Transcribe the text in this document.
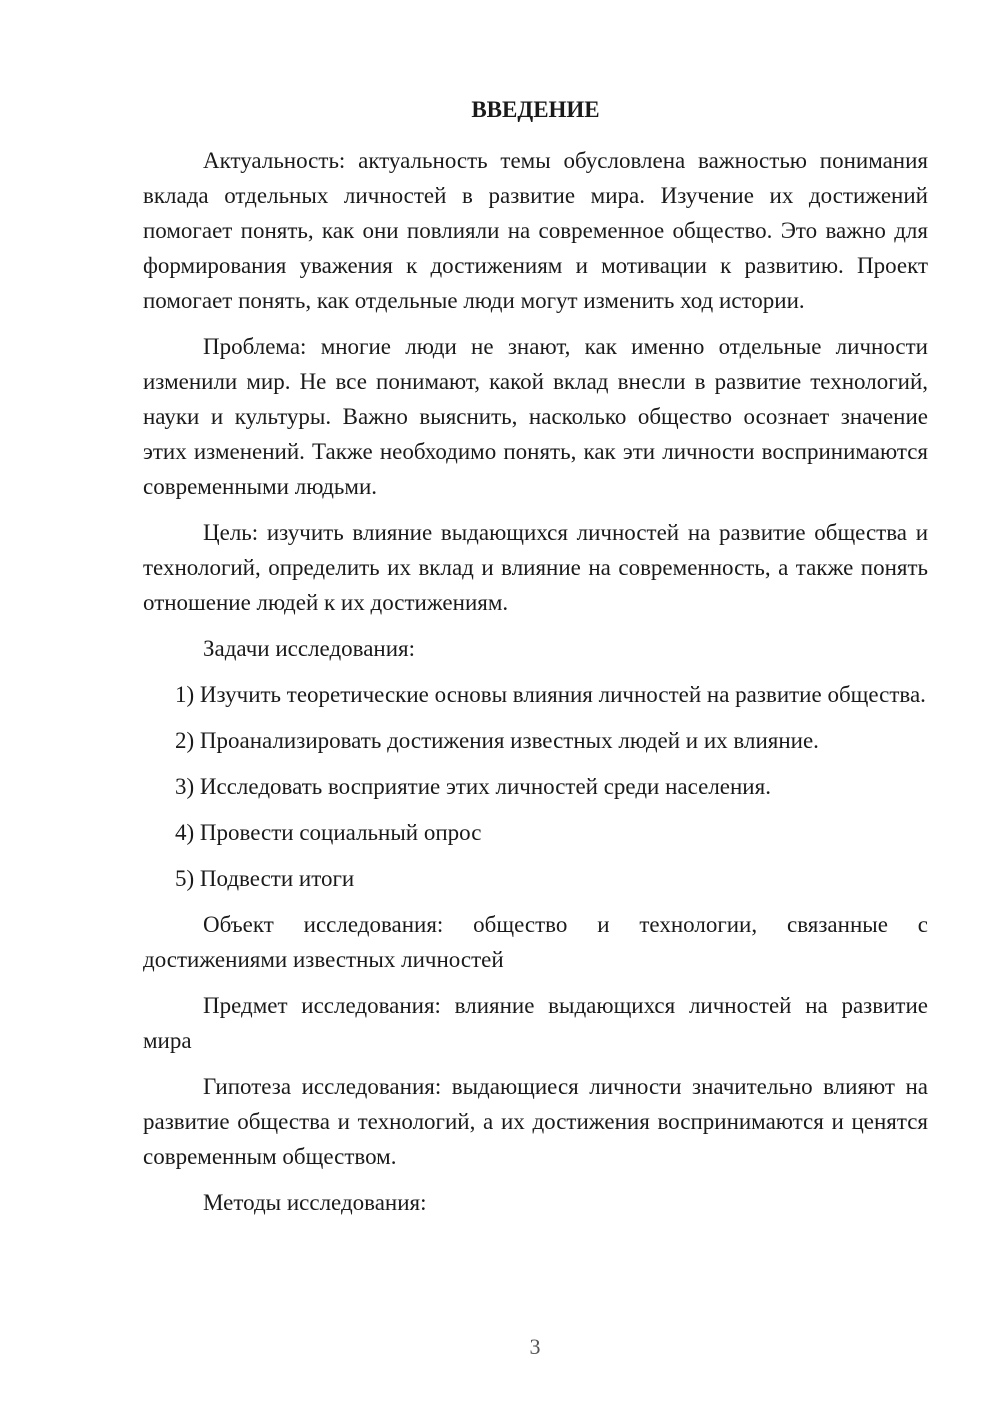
ВВЕДЕНИЕ

Актуальность: актуальность темы обусловлена важностью понимания вклада отдельных личностей в развитие мира. Изучение их достижений помогает понять, как они повлияли на современное общество. Это важно для формирования уважения к достижениям и мотивации к развитию. Проект помогает понять, как отдельные люди могут изменить ход истории.

Проблема: многие люди не знают, как именно отдельные личности изменили мир. Не все понимают, какой вклад внесли в развитие технологий, науки и культуры. Важно выяснить, насколько общество осознает значение этих изменений. Также необходимо понять, как эти личности воспринимаются современными людьми.

Цель: изучить влияние выдающихся личностей на развитие общества и технологий, определить их вклад и влияние на современность, а также понять отношение людей к их достижениям.

Задачи исследования:

1) Изучить теоретические основы влияния личностей на развитие общества.

2) Проанализировать достижения известных людей и их влияние.

3) Исследовать восприятие этих личностей среди населения.

4) Провести социальный опрос

5) Подвести итоги

Объект исследования: общество и технологии, связанные с достижениями известных личностей

Предмет исследования: влияние выдающихся личностей на развитие мира

Гипотеза исследования: выдающиеся личности значительно влияют на развитие общества и технологий, а их достижения воспринимаются и ценятся современным обществом.

Методы исследования:

3
